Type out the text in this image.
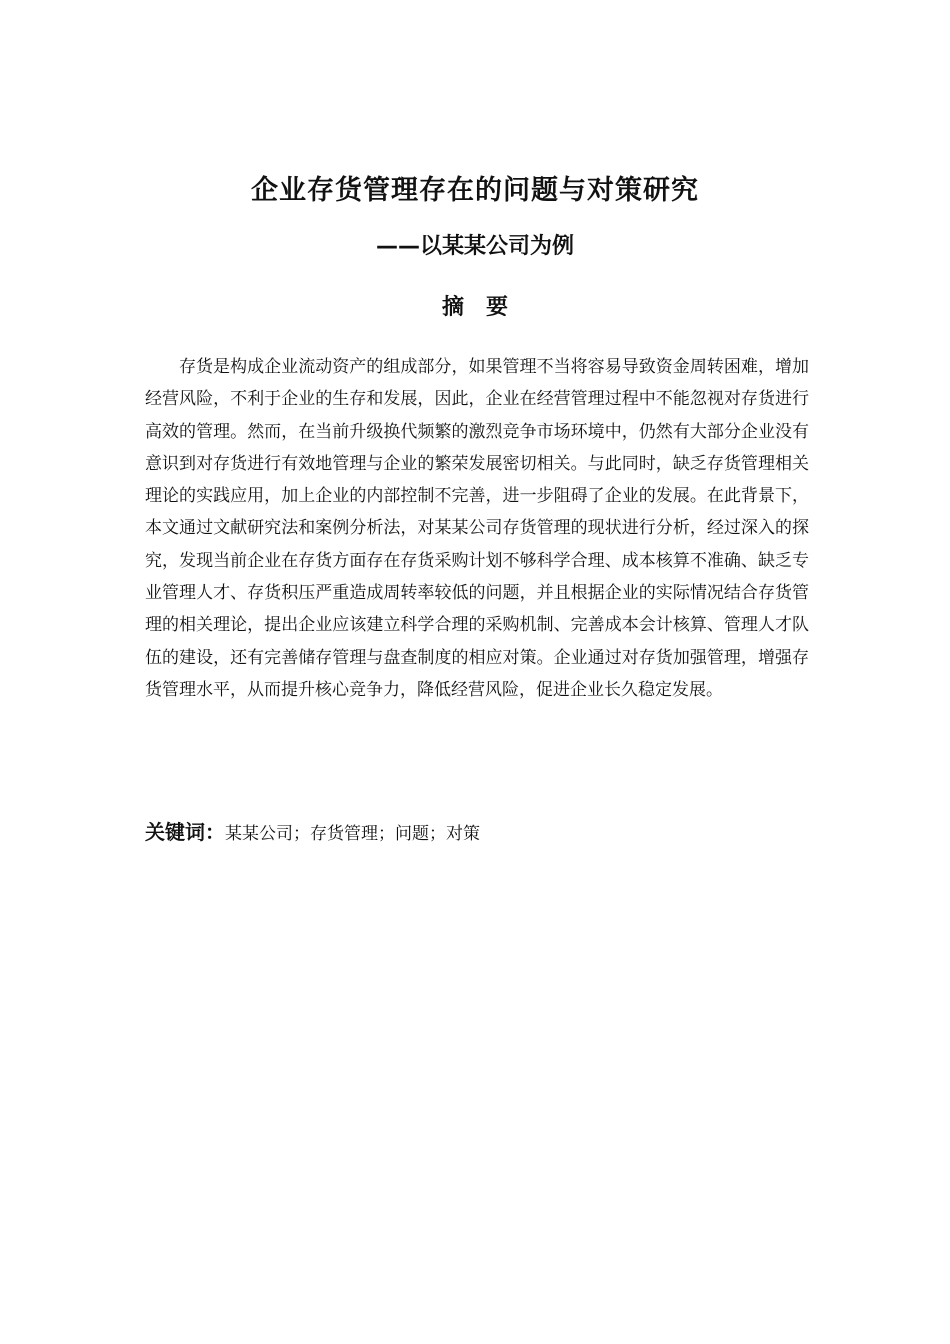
企业存货管理存在的问题与对策研究
——以某某公司为例
摘要

存货是构成企业流动资产的组成部分，如果管理不当将容易导致资金周转困难，增加经营风险，不利于企业的生存和发展，因此，企业在经营管理过程中不能忽视对存货进行高效的管理。然而，在当前升级换代频繁的激烈竞争市场环境中，仍然有大部分企业没有意识到对存货进行有效地管理与企业的繁荣发展密切相关。与此同时，缺乏存货管理相关理论的实践应用，加上企业的内部控制不完善，进一步阻碍了企业的发展。在此背景下，本文通过文献研究法和案例分析法，对某某公司存货管理的现状进行分析，经过深入的探究，发现当前企业在存货方面存在存货采购计划不够科学合理、成本核算不准确、缺乏专业管理人才、存货积压严重造成周转率较低的问题，并且根据企业的实际情况结合存货管理的相关理论，提出企业应该建立科学合理的采购机制、完善成本会计核算、管理人才队伍的建设，还有完善储存管理与盘查制度的相应对策。企业通过对存货加强管理，增强存货管理水平，从而提升核心竞争力，降低经营风险，促进企业长久稳定发展。

关键词：某某公司；存货管理；问题；对策
